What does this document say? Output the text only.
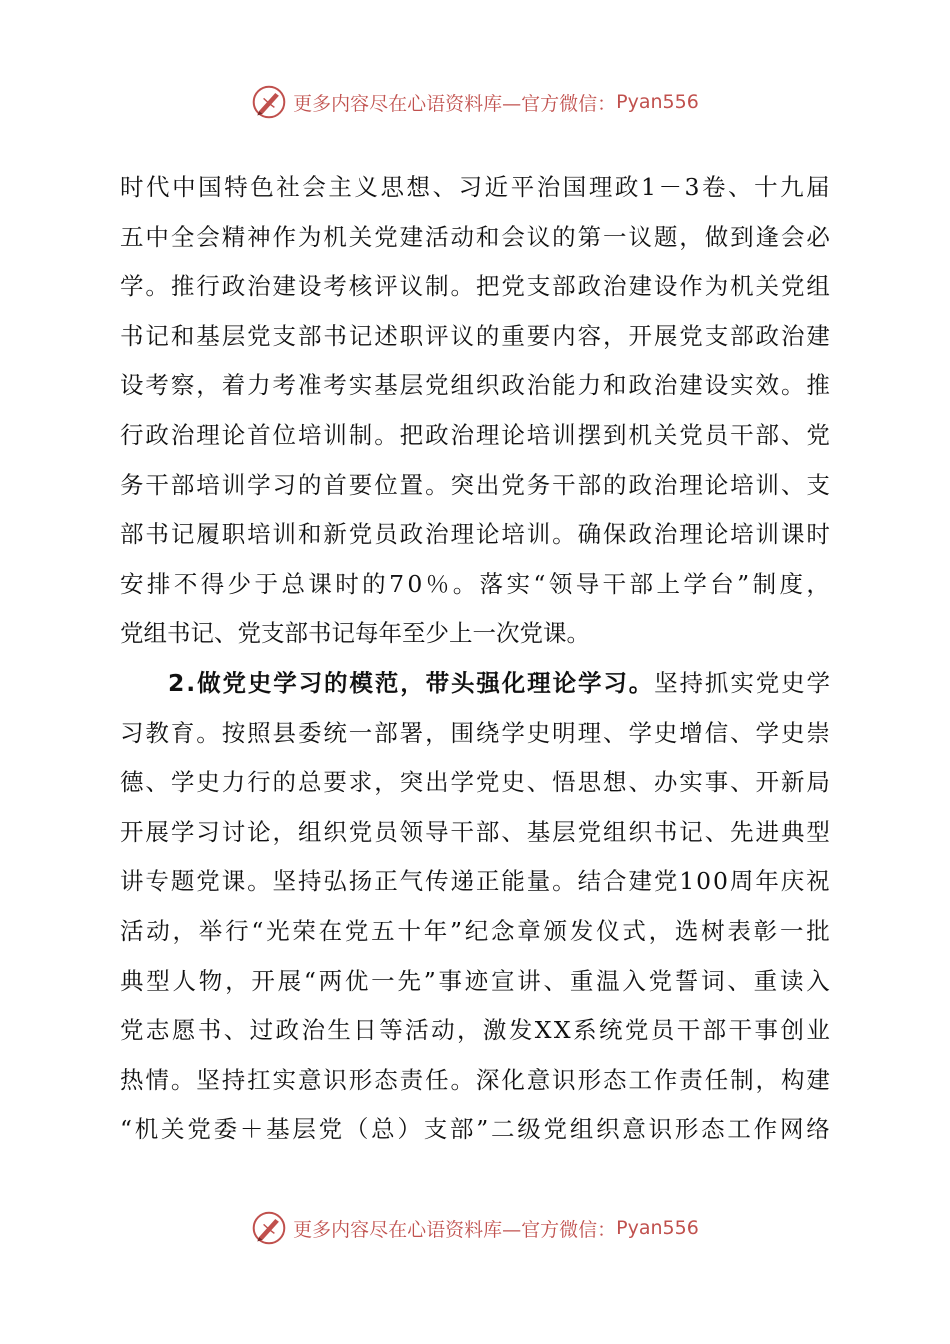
更多内容尽在心语资料库—官方微信： Pyan556
时 代 中 国 特 色 社 会 主 义 思 想 、 习 近 平 治 国 理 政 1 － 3 卷 、 十 九 届
五 中 全 会 精 神 作 为 机 关 党 建 活 动 和 会 议 的 第 一 议 题 ， 做 到 逢 会 必
学 。 推 行 政 治 建 设 考 核 评 议 制 。 把 党 支 部 政 治 建 设 作 为 机 关 党 组
书 记 和 基 层 党 支 部 书 记 述 职 评 议 的 重 要 内 容 ， 开 展 党 支 部 政 治 建
设 考 察 ， 着 力 考 准 考 实 基 层 党 组 织 政 治 能 力 和 政 治 建 设 实 效 。 推
行 政 治 理 论 首 位 培 训 制 。 把 政 治 理 论 培 训 摆 到 机 关 党 员 干 部 、 党
务 干 部 培 训 学 习 的 首 要 位 置 。 突 出 党 务 干 部 的 政 治 理 论 培 训 、 支
部 书 记 履 职 培 训 和 新 党 员 政 治 理 论 培 训 。 确 保 政 治 理 论 培 训 课 时
安 排 不 得 少 于 总 课 时 的 7 0 ％ 。 落 实 “ 领 导 干 部 上 学 台 ” 制 度 ，
党组书记、党支部书记每年至少上一次党课。
2.做党史学习的模范，带头强化理论学习。坚持抓实党史学
习 教 育 。 按 照 县 委 统 一 部 署 ， 围 绕 学 史 明 理 、 学 史 增 信 、 学 史 崇
德 、 学 史 力 行 的 总 要 求 ， 突 出 学 党 史 、 悟 思 想 、 办 实 事 、 开 新 局
开 展 学 习 讨 论 ， 组 织 党 员 领 导 干 部 、 基 层 党 组 织 书 记 、 先 进 典 型
讲 专 题 党 课 。 坚 持 弘 扬 正 气 传 递 正 能 量 。 结 合 建 党 1 0 0 周 年 庆 祝
活 动 ， 举 行 “ 光 荣 在 党 五 十 年 ” 纪 念 章 颁 发 仪 式 ， 选 树 表 彰 一 批
典 型 人 物 ， 开 展 “ 两 优 一 先 ” 事 迹 宣 讲 、 重 温 入 党 誓 词 、 重 读 入
党 志 愿 书 、 过 政 治 生 日 等 活 动 ， 激 发 X X 系 统 党 员 干 部 干 事 创 业
热 情 。 坚 持 扛 实 意 识 形 态 责 任 。 深 化 意 识 形 态 工 作 责 任 制 ， 构 建
“ 机 关 党 委 ＋ 基 层 党 （ 总 ） 支 部 ” 二 级 党 组 织 意 识 形 态 工 作 网 络
更多内容尽在心语资料库—官方微信： Pyan556
